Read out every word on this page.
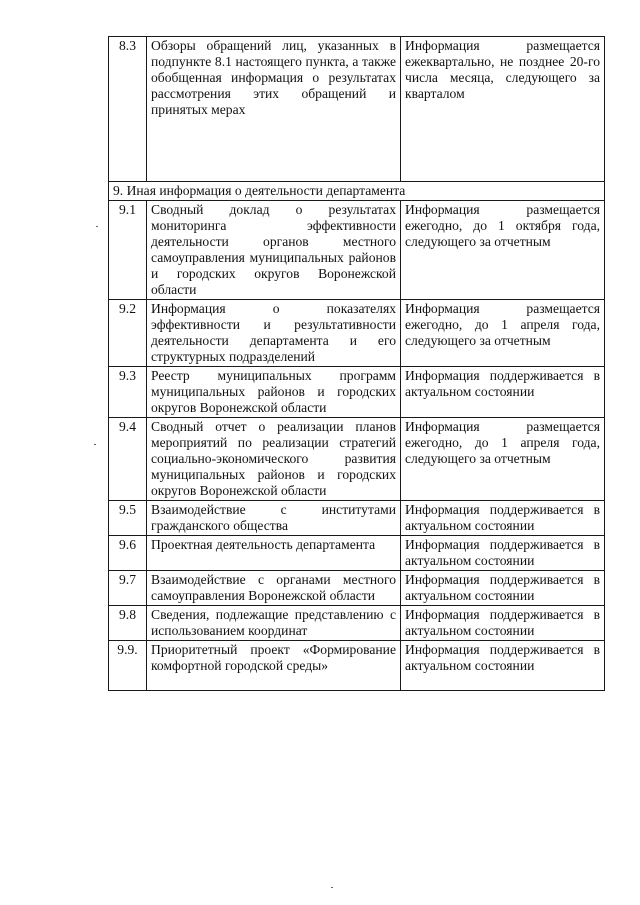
8.3	Обзоры обращений лиц, указанных в подпункте 8.1 настоящего пункта, а также обобщенная информация о результатах рассмотрения этих обращений и принятых мерах	Информация размещается ежеквартально, не позднее 20-го числа месяца, следующего за кварталом
9. Иная информация о деятельности департамента		
9.1	Сводный доклад о результатах мониторинга эффективности деятельности органов местного самоуправления муниципальных районов и городских округов Воронежской области	Информация размещается ежегодно, до 1 октября года, следующего за отчетным
9.2	Информация о показателях эффективности и результативности деятельности департамента и его структурных подразделений	Информация размещается ежегодно, до 1 апреля года, следующего за отчетным
9.3	Реестр муниципальных программ муниципальных районов и городских округов Воронежской области	Информация поддерживается в актуальном состоянии
9.4	Сводный отчет о реализации планов мероприятий по реализации стратегий социально-экономического развития муниципальных районов и городских округов Воронежской области	Информация размещается ежегодно, до 1 апреля года, следующего за отчетным
9.5	Взаимодействие с институтами гражданского общества	Информация поддерживается в актуальном состоянии
9.6	Проектная деятельность департамента	Информация поддерживается в актуальном состоянии
9.7	Взаимодействие с органами местного самоуправления Воронежской области	Информация поддерживается в актуальном состоянии
9.8	Сведения, подлежащие представлению с использованием координат	Информация поддерживается в актуальном состоянии
9.9.	Приоритетный проект «Формирование комфортной городской среды»	Информация поддерживается в актуальном состоянии
